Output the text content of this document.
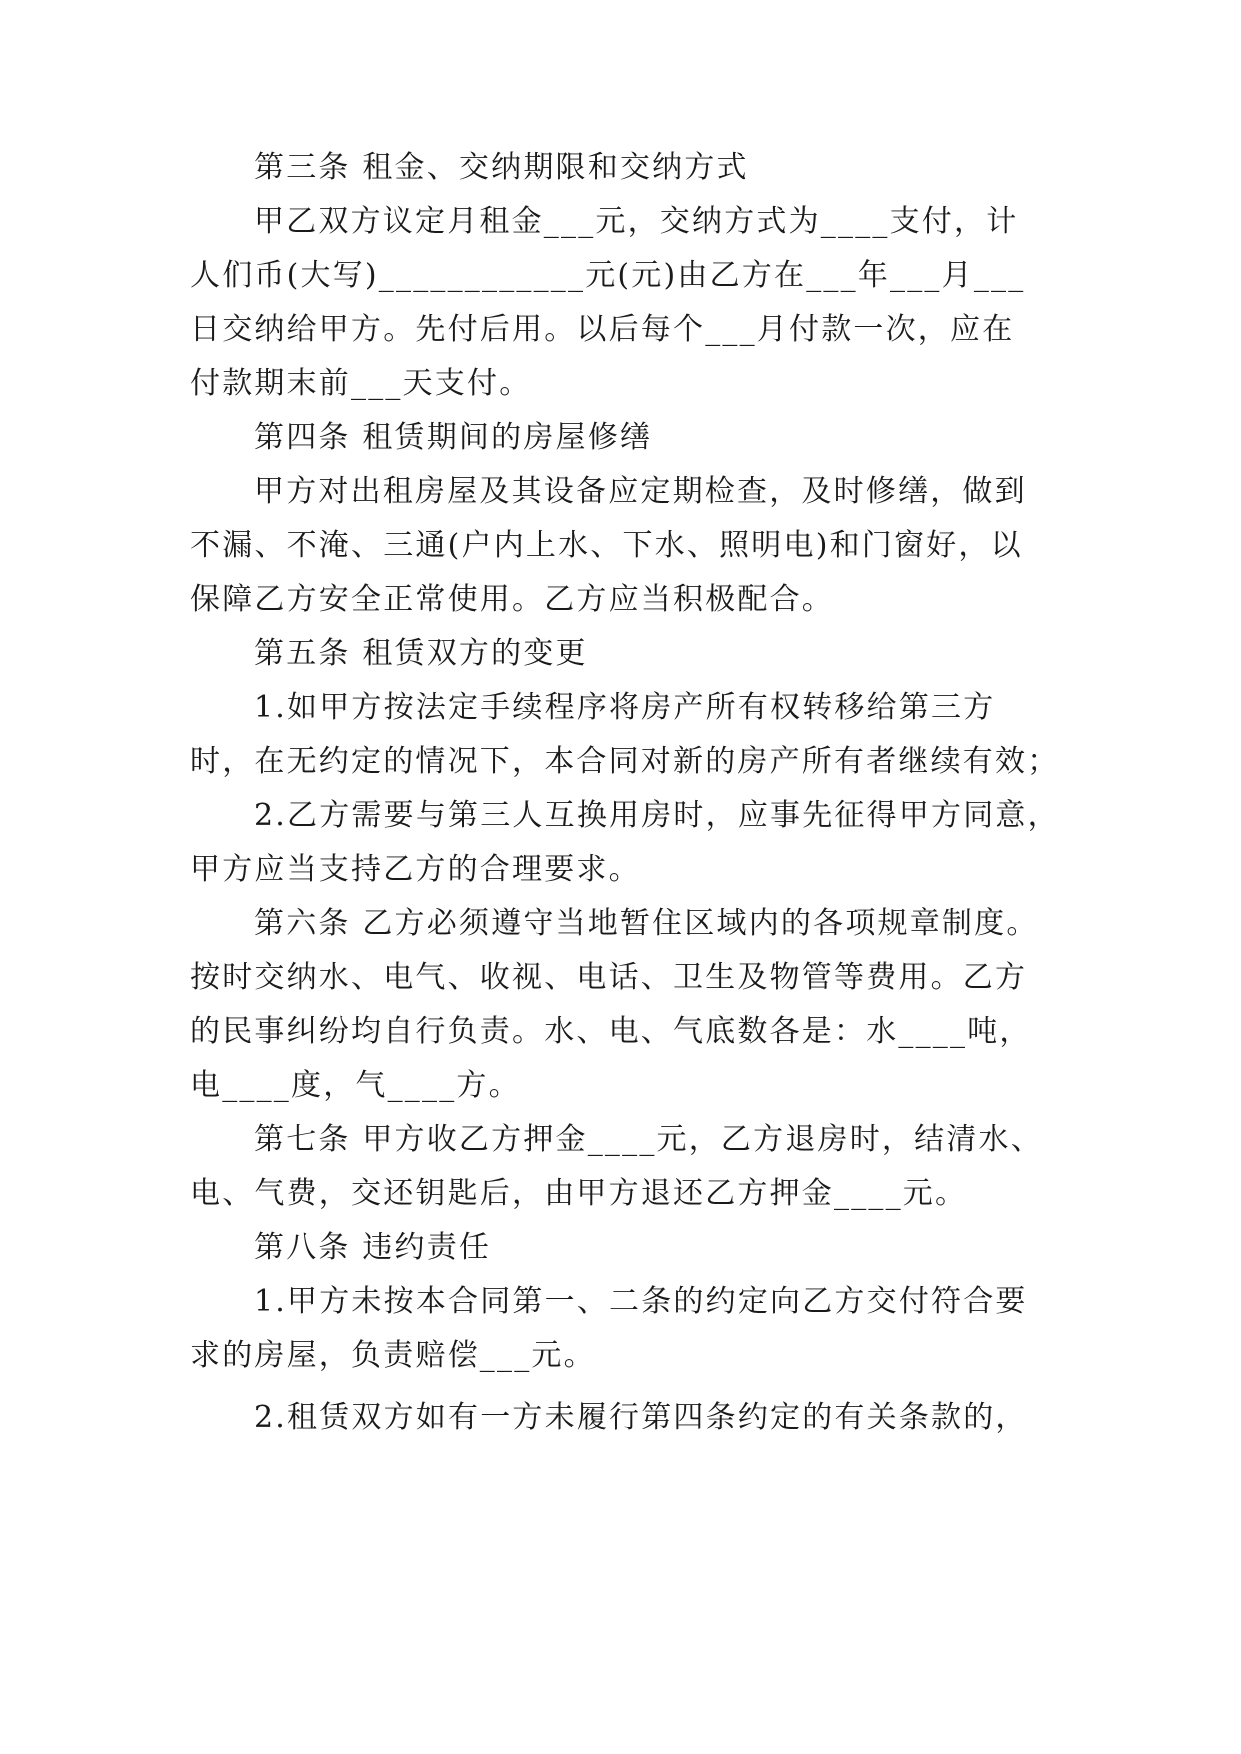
第三条 租金、交纳期限和交纳方式
甲乙双方议定月租金___元，交纳方式为____支付，计
人们币(大写)____________元(元)由乙方在___年___月___
日交纳给甲方。先付后用。以后每个___月付款一次，应在
付款期末前___天支付。
第四条 租赁期间的房屋修缮
甲方对出租房屋及其设备应定期检查，及时修缮，做到
不漏、不淹、三通(户内上水、下水、照明电)和门窗好，以
保障乙方安全正常使用。乙方应当积极配合。
第五条 租赁双方的变更
1.如甲方按法定手续程序将房产所有权转移给第三方
时，在无约定的情况下，本合同对新的房产所有者继续有效；
2.乙方需要与第三人互换用房时，应事先征得甲方同意，
甲方应当支持乙方的合理要求。
第六条 乙方必须遵守当地暂住区域内的各项规章制度。
按时交纳水、电气、收视、电话、卫生及物管等费用。乙方
的民事纠纷均自行负责。水、电、气底数各是：水____吨，
电____度，气____方。
第七条 甲方收乙方押金____元，乙方退房时，结清水、
电、气费，交还钥匙后，由甲方退还乙方押金____元。
第八条 违约责任
1.甲方未按本合同第一、二条的约定向乙方交付符合要
求的房屋，负责赔偿___元。
2.租赁双方如有一方未履行第四条约定的有关条款的，
